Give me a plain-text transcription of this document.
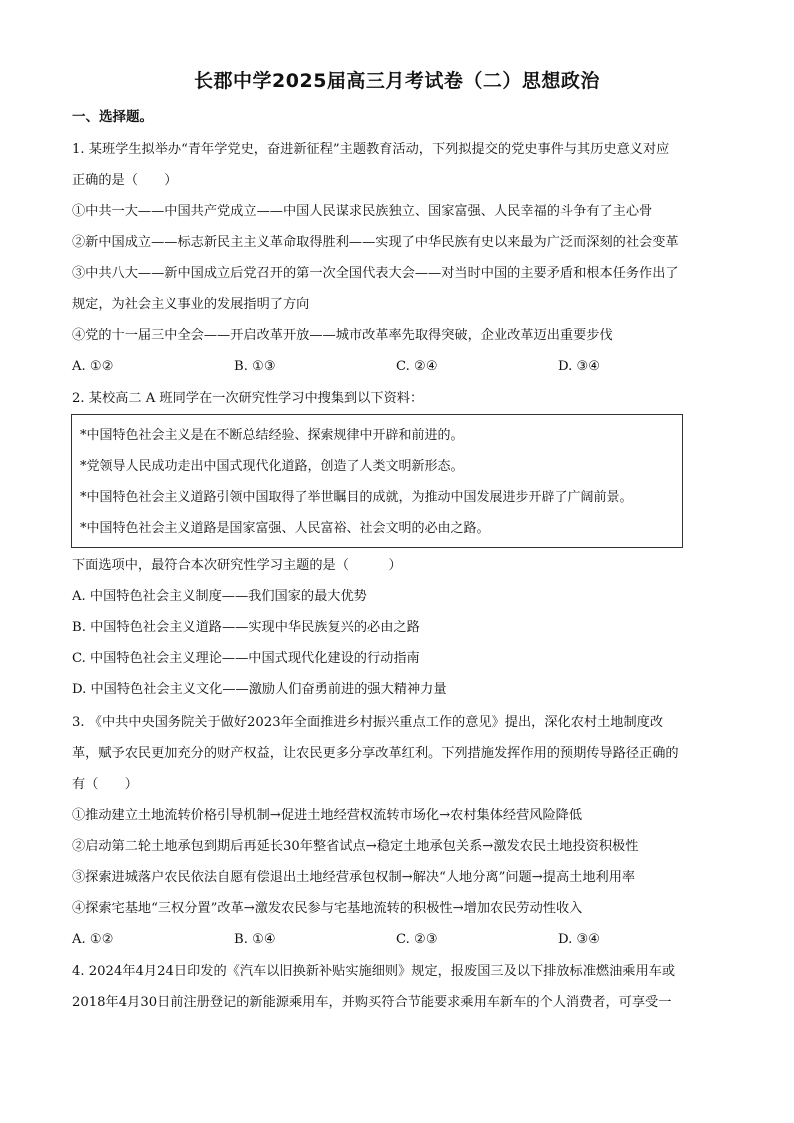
长郡中学2025届高三月考试卷（二）思想政治
一、选择题。
1. 某班学生拟举办“青年学党史，奋进新征程”主题教育活动，下列拟提交的党史事件与其历史意义对应
正确的是（　　）
①中共一大——中国共产党成立——中国人民谋求民族独立、国家富强、人民幸福的斗争有了主心骨
②新中国成立——标志新民主主义革命取得胜利——实现了中华民族有史以来最为广泛而深刻的社会变革
③中共八大——新中国成立后党召开的第一次全国代表大会——对当时中国的主要矛盾和根本任务作出了
规定，为社会主义事业的发展指明了方向
④党的十一届三中全会——开启改革开放——城市改革率先取得突破，企业改革迈出重要步伐
A. ①②	B. ①③	C. ②④	D. ③④
2. 某校高二 A 班同学在一次研究性学习中搜集到以下资料：
*中国特色社会主义是在不断总结经验、探索规律中开辟和前进的。
*党领导人民成功走出中国式现代化道路，创造了人类文明新形态。
*中国特色社会主义道路引领中国取得了举世瞩目的成就，为推动中国发展进步开辟了广阔前景。
*中国特色社会主义道路是国家富强、人民富裕、社会文明的必由之路。
下面选项中，最符合本次研究性学习主题的是（　　　）
A. 中国特色社会主义制度——我们国家的最大优势
B. 中国特色社会主义道路——实现中华民族复兴的必由之路
C. 中国特色社会主义理论——中国式现代化建设的行动指南
D. 中国特色社会主义文化——激励人们奋勇前进的强大精神力量
3. 《中共中央国务院关于做好2023年全面推进乡村振兴重点工作的意见》提出，深化农村土地制度改
革，赋予农民更加充分的财产权益，让农民更多分享改革红利。下列措施发挥作用的预期传导路径正确的
有（　　）
①推动建立土地流转价格引导机制→促进土地经营权流转市场化→农村集体经营风险降低
②启动第二轮土地承包到期后再延长30年整省试点→稳定土地承包关系→激发农民土地投资积极性
③探索进城落户农民依法自愿有偿退出土地经营承包权制→解决“人地分离”问题→提高土地利用率
④探索宅基地“三权分置”改革→激发农民参与宅基地流转的积极性→增加农民劳动性收入
A. ①②	B. ①④	C. ②③	D. ③④
4. 2024年4月24日印发的《汽车以旧换新补贴实施细则》规定，报废国三及以下排放标准燃油乘用车或
2018年4月30日前注册登记的新能源乘用车，并购买符合节能要求乘用车新车的个人消费者，可享受一
